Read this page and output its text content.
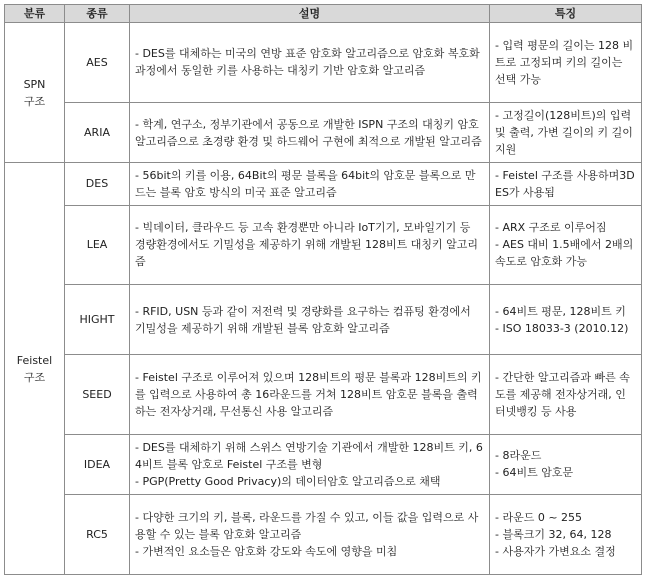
분류	종류	설명	특징
SPN
구조	AES	- DES를 대체하는 미국의 연방 표준 암호화 알고리즘으로 암호화 복호화 과정에서 동일한 키를 사용하는 대칭키 기반 암호화 알고리즘	- 입력 평문의 길이는 128 비트로 고정되며 키의 길이는 선택 가능

	ARIA	- 학계, 연구소, 정부기관에서 공동으로 개발한 ISPN 구조의 대칭키 암호 알고리즘으로 초경량 환경 및 하드웨어 구현에 최적으로 개발된 알고리즘	- 고정길이(128비트)의 입력 및 출력, 가변 길이의 키 길이 지원

Feistel
구조	DES	- 56bit의 키를 이용, 64Bit의 평문 블록을 64bit의 암호문 블록으로 만드는 블록 암호 방식의 미국 표준 알고리즘	- Feistel 구조를 사용하며3DES가 사용됨

	LEA	- 빅데이터, 클라우드 등 고속 환경뿐만 아니라 IoT기기, 모바일기기 등 경량환경에서도 기밀성을 제공하기 위해 개발된 128비트 대칭키 알고리즘	- ARX 구조로 이루어짐
- AES 대비 1.5배에서 2배의속도로 암호화 가능

	HIGHT	- RFID, USN 등과 같이 저전력 및 경량화를 요구하는 컴퓨팅 환경에서 기밀성을 제공하기 위해 개발된 블록 암호화 알고리즘	- 64비트 평문, 128비트 키
- ISO 18033-3 (2010.12)

	SEED	- Feistel 구조로 이루어져 있으며 128비트의 평문 블록과 128비트의 키를 입력으로 사용하여 총 16라운드를 거쳐 128비트 암호문 블록을 출력하는 전자상거래, 무선통신 사용 알고리즘	- 간단한 알고리즘과 빠른 속도를 제공해 전자상거래, 인터넷뱅킹 등 사용

	IDEA	- DES를 대체하기 위해 스위스 연방기술 기관에서 개발한 128비트 키, 64비트 블록 암호로 Feistel 구조를 변형
- PGP(Pretty Good Privacy)의 데이터암호 알고리즘으로 채택	- 8라운드
- 64비트 암호문

	RC5	- 다양한 크기의 키, 블록, 라운드를 가질 수 있고, 이들 값을 입력으로 사용할 수 있는 블록 암호화 알고리즘
- 가변적인 요소들은 암호화 강도와 속도에 영향을 미침	- 라운드 0 ~ 255
- 블록크기 32, 64, 128
- 사용자가 가변요소 결정
